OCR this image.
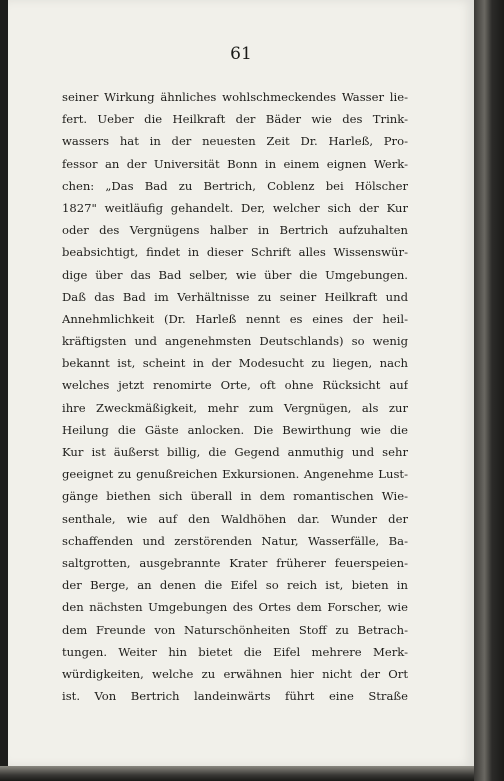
61
seiner Wirkung ähnliches wohlschmeckendes Wasser lie-
fert. Ueber die Heilkraft der Bäder wie des Trink-
wassers hat in der neuesten Zeit Dr. Harleß, Pro-
fessor an der Universität Bonn in einem eignen Werk-
chen: „Das Bad zu Bertrich, Coblenz bei Hölscher
1827" weitläufig gehandelt. Der, welcher sich der Kur
oder des Vergnügens halber in Bertrich aufzuhalten
beabsichtigt, findet in dieser Schrift alles Wissenswür-
dige über das Bad selber, wie über die Umgebungen.
Daß das Bad im Verhältnisse zu seiner Heilkraft und
Annehmlichkeit (Dr. Harleß nennt es eines der heil-
kräftigsten und angenehmsten Deutschlands) so wenig
bekannt ist, scheint in der Modesucht zu liegen, nach
welches jetzt renomirte Orte, oft ohne Rücksicht auf
ihre Zweckmäßigkeit, mehr zum Vergnügen, als zur
Heilung die Gäste anlocken. Die Bewirthung wie die
Kur ist äußerst billig, die Gegend anmuthig und sehr
geeignet zu genußreichen Exkursionen. Angenehme Lust-
gänge biethen sich überall in dem romantischen Wie-
senthale, wie auf den Waldhöhen dar. Wunder der
schaffenden und zerstörenden Natur, Wasserfälle, Ba-
saltgrotten, ausgebrannte Krater früherer feuerspeien-
der Berge, an denen die Eifel so reich ist, bieten in
den nächsten Umgebungen des Ortes dem Forscher, wie
dem Freunde von Naturschönheiten Stoff zu Betrach-
tungen. Weiter hin bietet die Eifel mehrere Merk-
würdigkeiten, welche zu erwähnen hier nicht der Ort
ist. Von Bertrich landeinwärts führt eine Straße
